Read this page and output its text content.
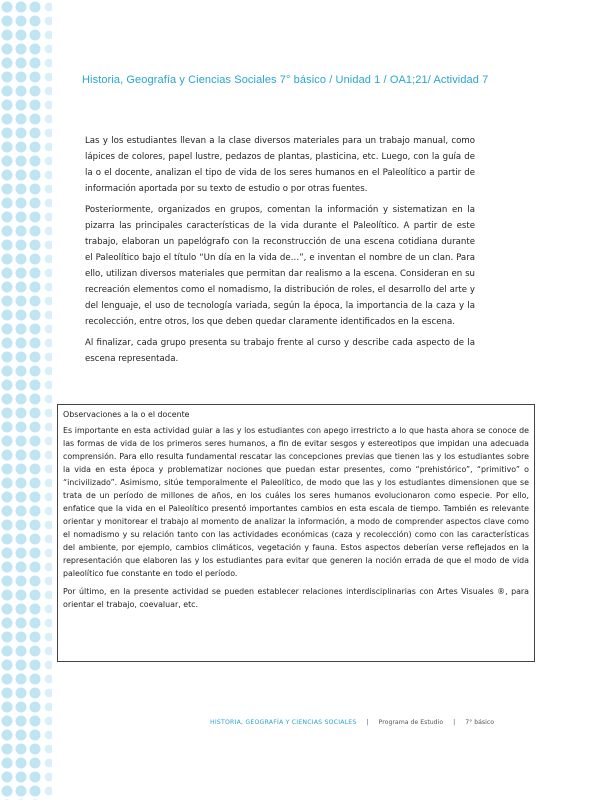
Historia, Geografía y Ciencias Sociales 7° básico / Unidad 1 / OA1;21/ Actividad 7

Las y los estudiantes llevan a la clase diversos materiales para un trabajo manual, como lápices de colores, papel lustre, pedazos de plantas, plasticina, etc. Luego, con la guía de la o el docente, analizan el tipo de vida de los seres humanos en el Paleolítico a partir de información aportada por su texto de estudio o por otras fuentes.

Posteriormente, organizados en grupos, comentan la información y sistematizan en la pizarra las principales características de la vida durante el Paleolítico. A partir de este trabajo, elaboran un papelógrafo con la reconstrucción de una escena cotidiana durante el Paleolítico bajo el título “Un día en la vida de…”, e inventan el nombre de un clan. Para ello, utilizan diversos materiales que permitan dar realismo a la escena. Consideran en su recreación elementos como el nomadismo, la distribución de roles, el desarrollo del arte y del lenguaje, el uso de tecnología variada, según la época, la importancia de la caza y la recolección, entre otros, los que deben quedar claramente identificados en la escena.

Al finalizar, cada grupo presenta su trabajo frente al curso y describe cada aspecto de la escena representada.

Observaciones a la o el docente

Es importante en esta actividad guiar a las y los estudiantes con apego irrestricto a lo que hasta ahora se conoce de las formas de vida de los primeros seres humanos, a fin de evitar sesgos y estereotipos que impidan una adecuada comprensión. Para ello resulta fundamental rescatar las concepciones previas que tienen las y los estudiantes sobre la vida en esta época y problematizar nociones que puedan estar presentes, como “prehistórico”, “primitivo” o “incivilizado”. Asimismo, sitúe temporalmente el Paleolítico, de modo que las y los estudiantes dimensionen que se trata de un período de millones de años, en los cuáles los seres humanos evolucionaron como especie. Por ello, enfatice que la vida en el Paleolítico presentó importantes cambios en esta escala de tiempo. También es relevante orientar y monitorear el trabajo al momento de analizar la información, a modo de comprender aspectos clave como el nomadismo y su relación tanto con las actividades económicas (caza y recolección) como con las características del ambiente, por ejemplo, cambios climáticos, vegetación y fauna. Estos aspectos deberían verse reflejados en la representación que elaboren las y los estudiantes para evitar que generen la noción errada de que el modo de vida paleolítico fue constante en todo el período.

Por último, en la presente actividad se pueden establecer relaciones interdisciplinarias con Artes Visuales ®, para orientar el trabajo, coevaluar, etc.

HISTORIA, GEOGRAFÍA Y CIENCIAS SOCIALES | Programa de Estudio | 7° básico
